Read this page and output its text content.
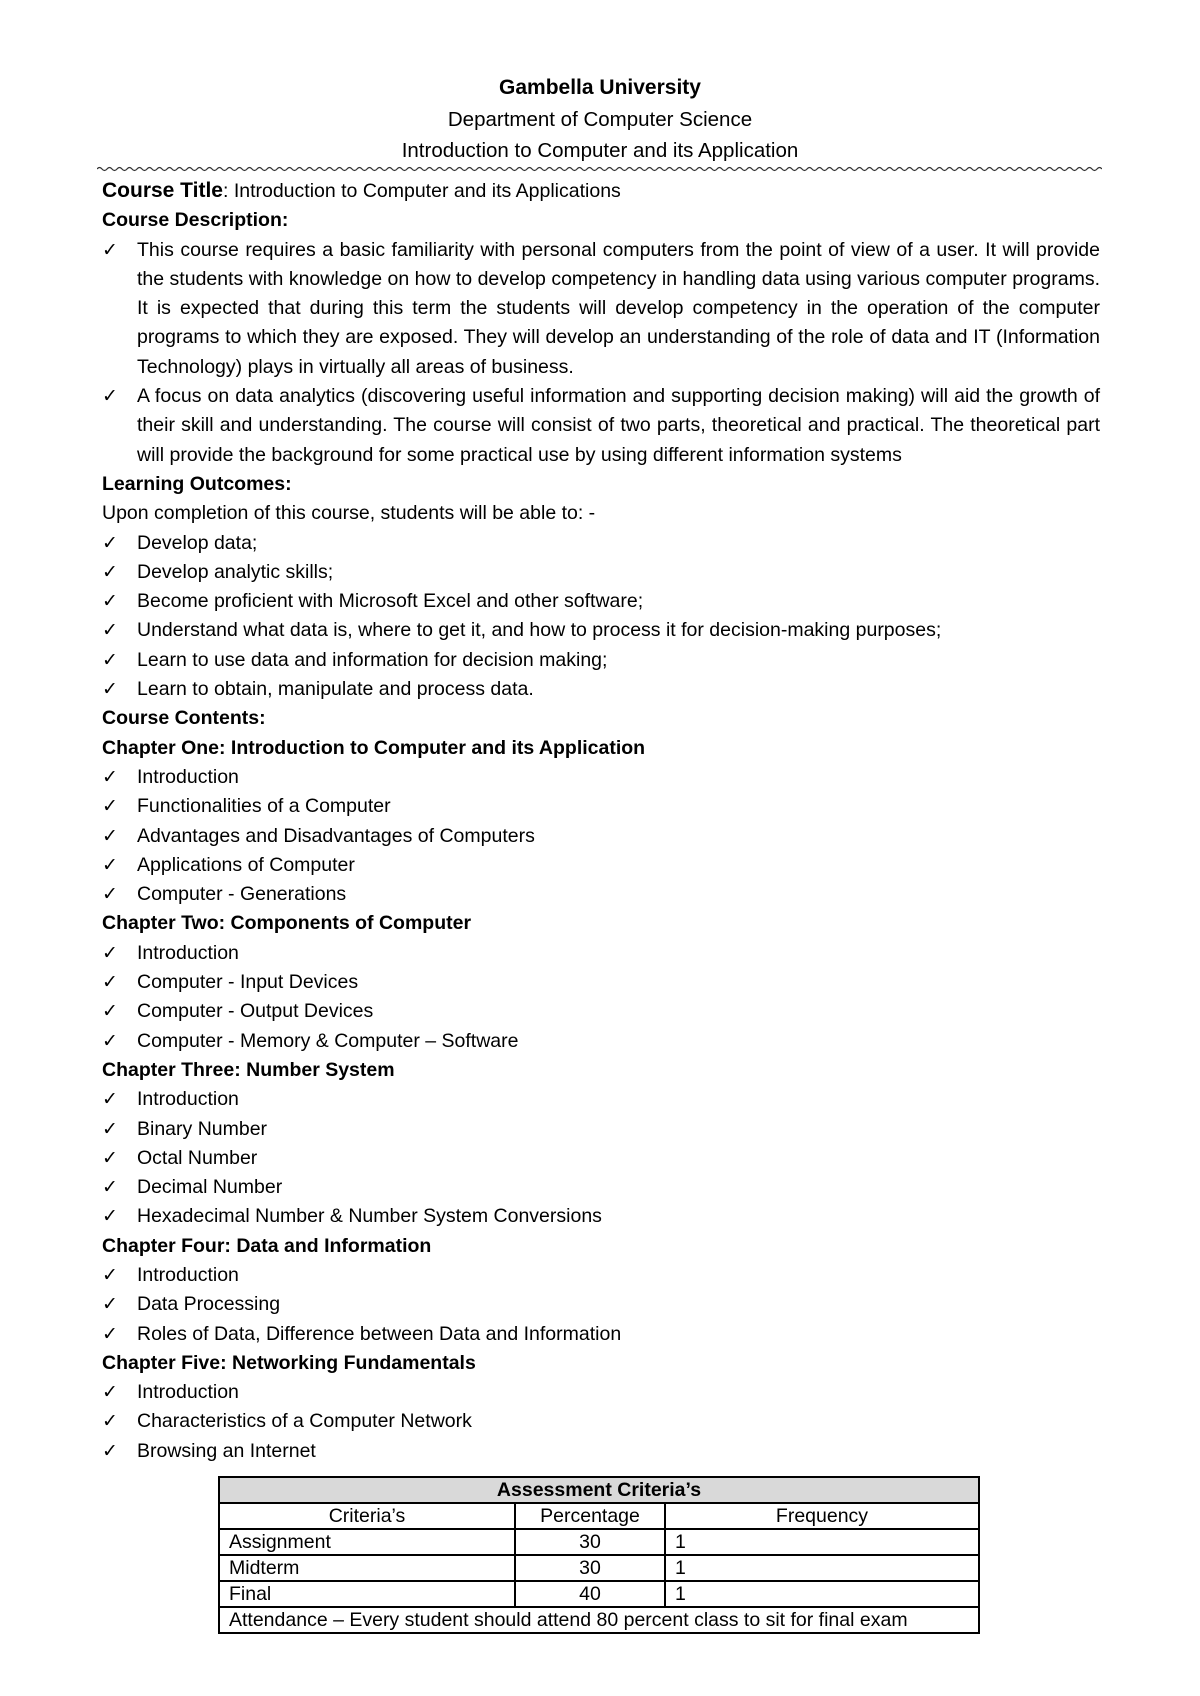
Gambella University
Department of Computer Science
Introduction to Computer and its Application
Course Title: Introduction to Computer and its Applications
Course Description:
✓ This course requires a basic familiarity with personal computers from the point of view of a user. It will provide the students with knowledge on how to develop competency in handling data using various computer programs. It is expected that during this term the students will develop competency in the operation of the computer programs to which they are exposed. They will develop an understanding of the role of data and IT (Information Technology) plays in virtually all areas of business.
✓ A focus on data analytics (discovering useful information and supporting decision making) will aid the growth of their skill and understanding. The course will consist of two parts, theoretical and practical. The theoretical part will provide the background for some practical use by using different information systems
Learning Outcomes:
Upon completion of this course, students will be able to: -
✓ Develop data;
✓ Develop analytic skills;
✓ Become proficient with Microsoft Excel and other software;
✓ Understand what data is, where to get it, and how to process it for decision-making purposes;
✓ Learn to use data and information for decision making;
✓ Learn to obtain, manipulate and process data.
Course Contents:
Chapter One: Introduction to Computer and its Application
✓ Introduction
✓ Functionalities of a Computer
✓ Advantages and Disadvantages of Computers
✓ Applications of Computer
✓ Computer - Generations
Chapter Two: Components of Computer
✓ Introduction
✓ Computer - Input Devices
✓ Computer - Output Devices
✓ Computer - Memory & Computer – Software
Chapter Three: Number System
✓ Introduction
✓ Binary Number
✓ Octal Number
✓ Decimal Number
✓ Hexadecimal Number & Number System Conversions
Chapter Four: Data and Information
✓ Introduction
✓ Data Processing
✓ Roles of Data, Difference between Data and Information
Chapter Five: Networking Fundamentals
✓ Introduction
✓ Characteristics of a Computer Network
✓ Browsing an Internet
Assessment Criteria’s		
Criteria’s	Percentage	Frequency
Assignment	30	1
Midterm	30	1
Final	40	1
Attendance – Every student should attend 80 percent class to sit for final exam		
